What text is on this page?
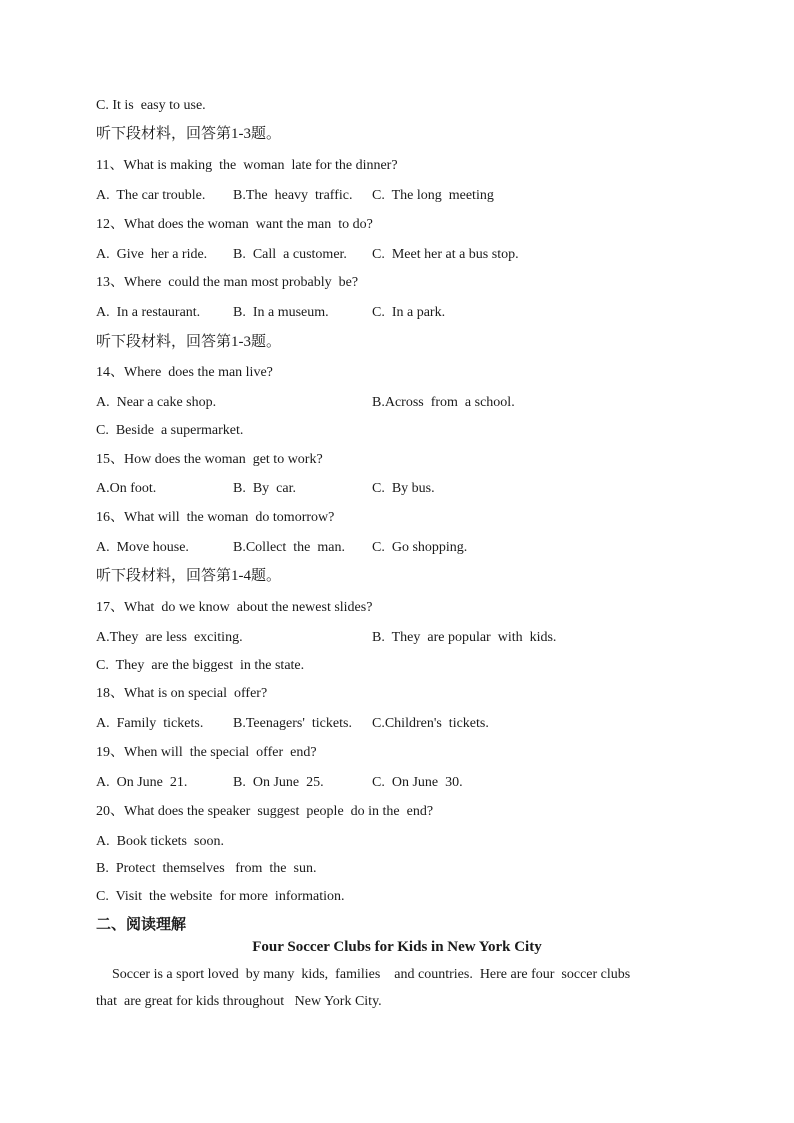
C. It is  easy to use.
听下段材料，回答第1-3题。
11、What is making  the  woman  late for the dinner?
A.  The car trouble. B.The  heavy  traffic. C.  The long  meeting
12、What does the woman  want the man  to do?
A.  Give  her a ride. B.  Call  a customer. C.  Meet her at a bus stop.
13、Where  could the man most probably  be?
A.  In a restaurant. B.  In a museum.	C.  In a park.
听下段材料，回答第1-3题。
14、Where  does the man live?
A.  Near a cake shop.	B.Across  from  a school.
C.  Beside  a supermarket.
15、How does the woman  get to work?
A.On foot.	B.  By  car.	C.  By bus.
16、What will  the woman  do tomorrow?
A.  Move house.	B.Collect  the  man. C.  Go shopping.
听下段材料，回答第1-4题。
17、What  do we know  about the newest slides?
A.They  are less  exciting.	B.  They  are popular  with  kids.
C.  They  are the biggest  in the state.
18、What is on special  offer?
A.  Family  tickets. B.Teenagers'  tickets. C.Children's  tickets.
19、When will  the special  offer  end?
A.  On June  21.	B.  On June  25.	C.  On June  30.
20、What does the speaker  suggest  people  do in the  end?
A.  Book tickets  soon.
B.  Protect  themselves   from  the  sun.
C.  Visit  the website  for more  information.
二、阅读理解
Four Soccer Clubs for Kids in New York City
Soccer is a sport loved  by many  kids,  families    and countries.  Here are four  soccer clubs
that  are great for kids throughout   New York City.
